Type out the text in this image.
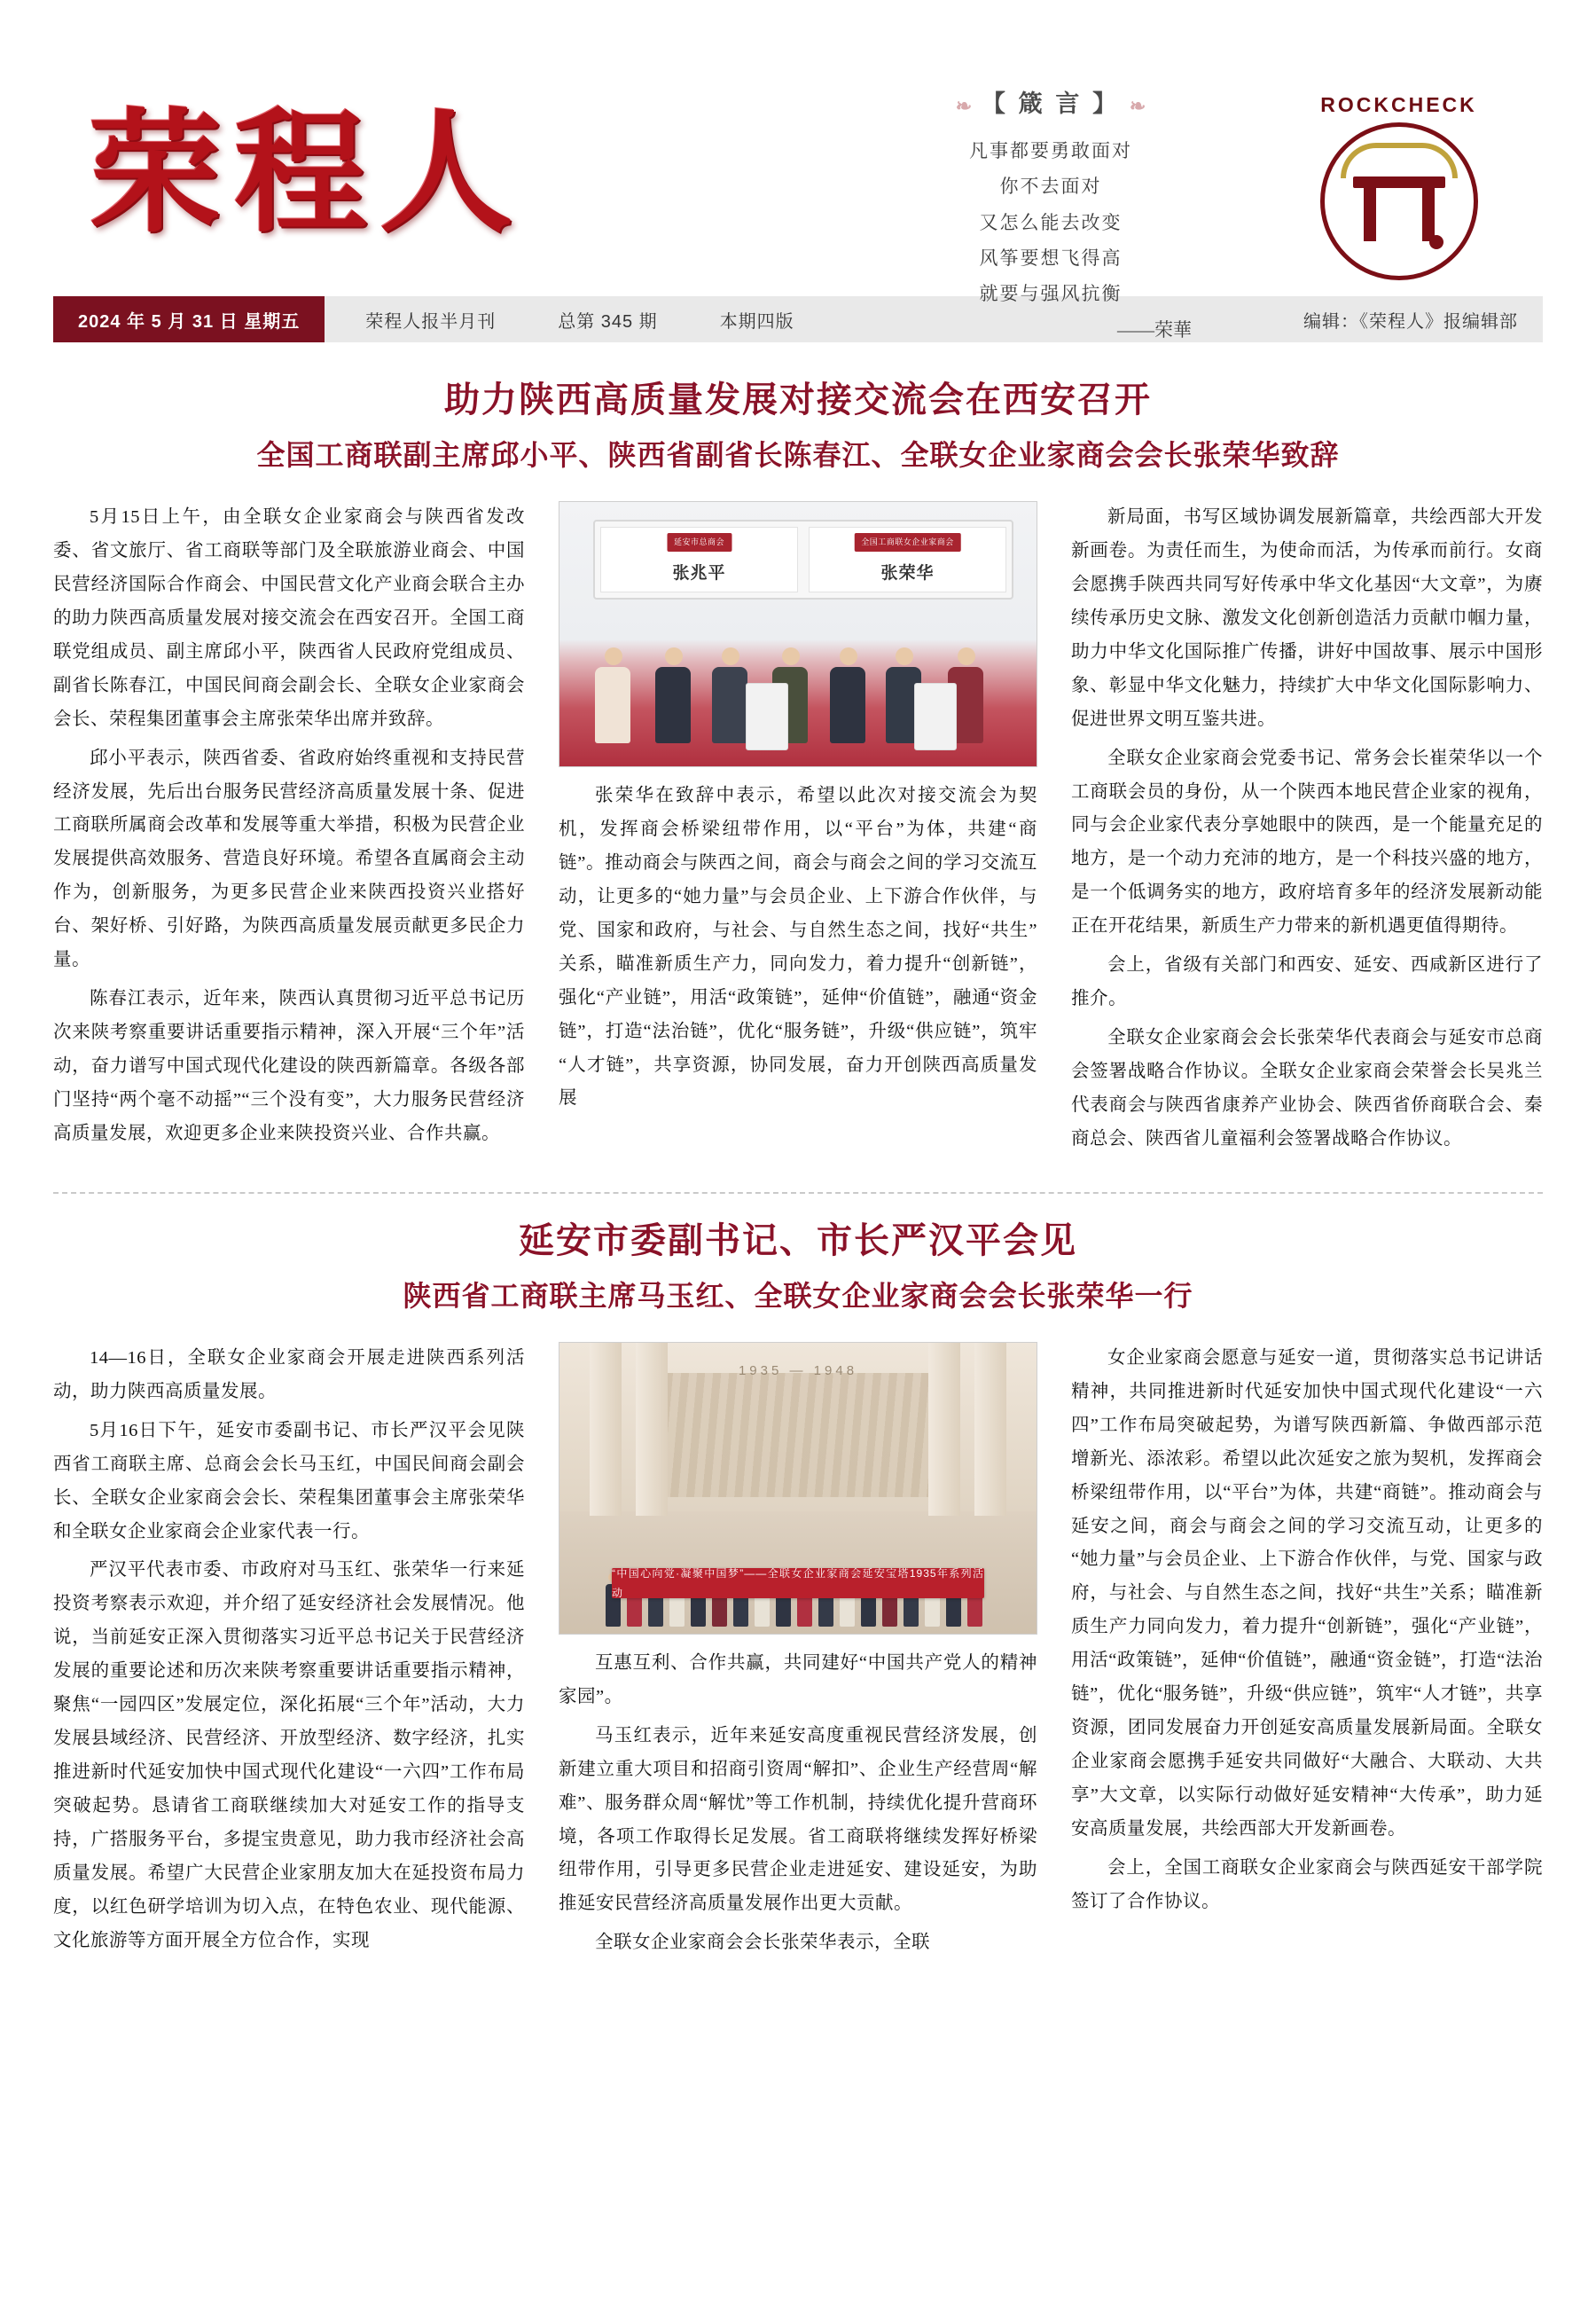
荣程人	❧ 【 箴 言 】 ❧
凡事都要勇敢面对
你不去面对
又怎么能去改变
风筝要想飞得高
就要与强风抗衡
——荣華
ROCKCHECK
2024 年 5 月 31 日 星期五	荣程人报半月刊	总第 345 期	本期四版	编辑：《荣程人》报编辑部
助力陕西高质量发展对接交流会在西安召开
全国工商联副主席邱小平、陕西省副省长陈春江、全联女企业家商会会长张荣华致辞

5月15日上午，由全联女企业家商会与陕西省发改委、省文旅厅、省工商联等部门及全联旅游业商会、中国民营经济国际合作商会、中国民营文化产业商会联合主办的助力陕西高质量发展对接交流会在西安召开。全国工商联党组成员、副主席邱小平，陕西省人民政府党组成员、副省长陈春江，中国民间商会副会长、全联女企业家商会会长、荣程集团董事会主席张荣华出席并致辞。

邱小平表示，陕西省委、省政府始终重视和支持民营经济发展，先后出台服务民营经济高质量发展十条、促进工商联所属商会改革和发展等重大举措，积极为民营企业发展提供高效服务、营造良好环境。希望各直属商会主动作为，创新服务，为更多民营企业来陕西投资兴业搭好台、架好桥、引好路，为陕西高质量发展贡献更多民企力量。

陈春江表示，近年来，陕西认真贯彻习近平总书记历次来陕考察重要讲话重要指示精神，深入开展“三个年”活动，奋力谱写中国式现代化建设的陕西新篇章。各级各部门坚持“两个毫不动摇”“三个没有变”，大力服务民营经济高质量发展，欢迎更多企业来陕投资兴业、合作共赢。

延安市总商会
张兆平
全国工商联女企业家商会
张荣华

张荣华在致辞中表示，希望以此次对接交流会为契机，发挥商会桥梁纽带作用，以“平台”为体，共建“商链”。推动商会与陕西之间，商会与商会之间的学习交流互动，让更多的“她力量”与会员企业、上下游合作伙伴，与党、国家和政府，与社会、与自然生态之间，找好“共生”关系，瞄准新质生产力，同向发力，着力提升“创新链”，强化“产业链”，用活“政策链”，延伸“价值链”，融通“资金链”，打造“法治链”，优化“服务链”，升级“供应链”，筑牢“人才链”，共享资源，协同发展，奋力开创陕西高质量发展

新局面，书写区域协调发展新篇章，共绘西部大开发新画卷。为责任而生，为使命而活，为传承而前行。女商会愿携手陕西共同写好传承中华文化基因“大文章”，为赓续传承历史文脉、激发文化创新创造活力贡献巾帼力量，助力中华文化国际推广传播，讲好中国故事、展示中国形象、彰显中华文化魅力，持续扩大中华文化国际影响力、促进世界文明互鉴共进。

全联女企业家商会党委书记、常务会长崔荣华以一个工商联会员的身份，从一个陕西本地民营企业家的视角，同与会企业家代表分享她眼中的陕西，是一个能量充足的地方，是一个动力充沛的地方，是一个科技兴盛的地方，是一个低调务实的地方，政府培育多年的经济发展新动能正在开花结果，新质生产力带来的新机遇更值得期待。

会上，省级有关部门和西安、延安、西咸新区进行了推介。

全联女企业家商会会长张荣华代表商会与延安市总商会签署战略合作协议。全联女企业家商会荣誉会长吴兆兰代表商会与陕西省康养产业协会、陕西省侨商联合会、秦商总会、陕西省儿童福利会签署战略合作协议。

延安市委副书记、市长严汉平会见
陕西省工商联主席马玉红、全联女企业家商会会长张荣华一行

14—16日，全联女企业家商会开展走进陕西系列活动，助力陕西高质量发展。

5月16日下午，延安市委副书记、市长严汉平会见陕西省工商联主席、总商会会长马玉红，中国民间商会副会长、全联女企业家商会会长、荣程集团董事会主席张荣华和全联女企业家商会企业家代表一行。

严汉平代表市委、市政府对马玉红、张荣华一行来延投资考察表示欢迎，并介绍了延安经济社会发展情况。他说，当前延安正深入贯彻落实习近平总书记关于民营经济发展的重要论述和历次来陕考察重要讲话重要指示精神，聚焦“一园四区”发展定位，深化拓展“三个年”活动，大力发展县域经济、民营经济、开放型经济、数字经济，扎实推进新时代延安加快中国式现代化建设“一六四”工作布局突破起势。恳请省工商联继续加大对延安工作的指导支持，广搭服务平台，多提宝贵意见，助力我市经济社会高质量发展。希望广大民营企业家朋友加大在延投资布局力度，以红色研学培训为切入点，在特色农业、现代能源、文化旅游等方面开展全方位合作，实现

1935 — 1948
“中国心向党·凝聚中国梦”——全联女企业家商会延安宝塔1935年系列活动

互惠互利、合作共赢，共同建好“中国共产党人的精神家园”。

马玉红表示，近年来延安高度重视民营经济发展，创新建立重大项目和招商引资周“解扣”、企业生产经营周“解难”、服务群众周“解忧”等工作机制，持续优化提升营商环境，各项工作取得长足发展。省工商联将继续发挥好桥梁纽带作用，引导更多民营企业走进延安、建设延安，为助推延安民营经济高质量发展作出更大贡献。

全联女企业家商会会长张荣华表示，全联

女企业家商会愿意与延安一道，贯彻落实总书记讲话精神，共同推进新时代延安加快中国式现代化建设“一六四”工作布局突破起势，为谱写陕西新篇、争做西部示范增新光、添浓彩。希望以此次延安之旅为契机，发挥商会桥梁纽带作用，以“平台”为体，共建“商链”。推动商会与延安之间，商会与商会之间的学习交流互动，让更多的“她力量”与会员企业、上下游合作伙伴，与党、国家与政府，与社会、与自然生态之间，找好“共生”关系；瞄准新质生产力同向发力，着力提升“创新链”，强化“产业链”，用活“政策链”，延伸“价值链”，融通“资金链”，打造“法治链”，优化“服务链”，升级“供应链”，筑牢“人才链”，共享资源，团同发展奋力开创延安高质量发展新局面。全联女企业家商会愿携手延安共同做好“大融合、大联动、大共享”大文章，以实际行动做好延安精神“大传承”，助力延安高质量发展，共绘西部大开发新画卷。

会上，全国工商联女企业家商会与陕西延安干部学院签订了合作协议。
